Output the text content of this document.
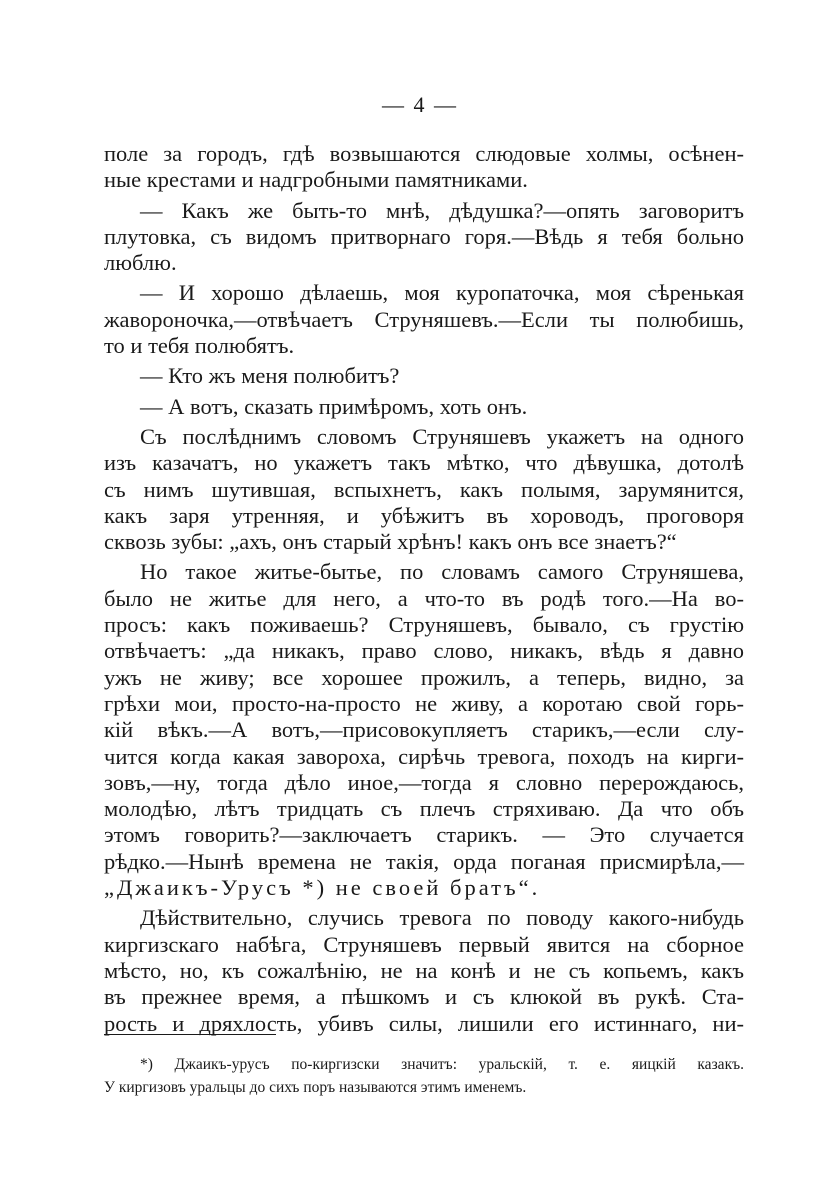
— 4 —
поле за городъ, гдѣ возвышаются слюдовые холмы, осѣнен-
ные крестами и надгробными памятниками.
— Какъ же быть-то мнѣ, дѣдушка?—опять заговоритъ
плутовка, съ видомъ притворнаго горя.—Вѣдь я тебя больно
люблю.
— И хорошо дѣлаешь, моя куропаточка, моя сѣренькая
жавороночка,—отвѣчаетъ Струняшевъ.—Если ты полюбишь,
то и тебя полюбятъ.
— Кто жъ меня полюбитъ?
— А вотъ, сказать примѣромъ, хоть онъ.
Съ послѣднимъ словомъ Струняшевъ укажетъ на одного
изъ казачатъ, но укажетъ такъ мѣтко, что дѣвушка, дотолѣ
съ нимъ шутившая, вспыхнетъ, какъ полымя, зарумянится,
какъ заря утренняя, и убѣжитъ въ хороводъ, проговоря
сквозь зубы: „ахъ, онъ старый хрѣнъ! какъ онъ все знаетъ?“
Но такое житье-бытье, по словамъ самого Струняшева,
было не житье для него, а что-то въ родѣ того.—На во-
просъ: какъ поживаешь? Струняшевъ, бывало, съ грустію
отвѣчаетъ: „да никакъ, право слово, никакъ, вѣдь я давно
ужъ не живу; все хорошее прожилъ, а теперь, видно, за
грѣхи мои, просто-на-просто не живу, а коротаю свой горь-
кій вѣкъ.—А вотъ,—присовокупляетъ старикъ,—если слу-
чится когда какая завороха, сирѣчь тревога, походъ на кирги-
зовъ,—ну, тогда дѣло иное,—тогда я словно перерождаюсь,
молодѣю, лѣтъ тридцать съ плечъ стряхиваю. Да что объ
этомъ говорить?—заключаетъ старикъ. — Это случается
рѣдко.—Нынѣ времена не такія, орда поганая присмирѣла,—
„Джаикъ-Урусъ *) не своей братъ“.
Дѣйствительно, случись тревога по поводу какого-нибудь
киргизскаго набѣга, Струняшевъ первый явится на сборное
мѣсто, но, къ сожалѣнію, не на конѣ и не съ копьемъ, какъ
въ прежнее время, а пѣшкомъ и съ клюкой въ рукѣ. Ста-
рость и дряхлость, убивъ силы, лишили его истиннаго, ни-
*) Джаикъ-урусъ по-киргизски значитъ: уральскій, т. е. яицкій казакъ.
У киргизовъ уральцы до сихъ поръ называются этимъ именемъ.
